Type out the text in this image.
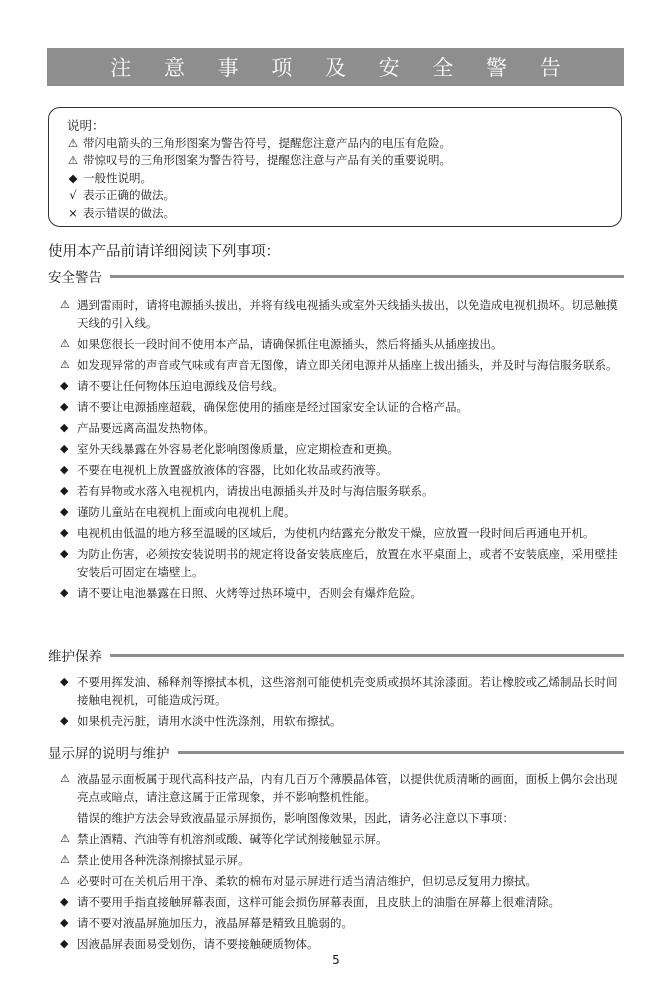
注 意 事 项 及 安 全 警 告
说明：
⚠ 带闪电箭头的三角形图案为警告符号，提醒您注意产品内的电压有危险。
⚠ 带惊叹号的三角形图案为警告符号，提醒您注意与产品有关的重要说明。
◆ 一般性说明。
√ 表示正确的做法。
× 表示错误的做法。
使用本产品前请详细阅读下列事项：
安全警告
⚠ 遇到雷雨时，请将电源插头拔出，并将有线电视插头或室外天线插头拔出，以免造成电视机损坏。切忌触摸天线的引入线。
⚠ 如果您很长一段时间不使用本产品，请确保抓住电源插头，然后将插头从插座拔出。
⚠ 如发现异常的声音或气味或有声音无图像，请立即关闭电源并从插座上拔出插头，并及时与海信服务联系。
◆ 请不要让任何物体压迫电源线及信号线。
◆ 请不要让电源插座超载，确保您使用的插座是经过国家安全认证的合格产品。
◆ 产品要远离高温发热物体。
◆ 室外天线暴露在外容易老化影响图像质量，应定期检查和更换。
◆ 不要在电视机上放置盛放液体的容器，比如化妆品或药液等。
◆ 若有异物或水落入电视机内，请拔出电源插头并及时与海信服务联系。
◆ 谨防儿童站在电视机上面或向电视机上爬。
◆ 电视机由低温的地方移至温暖的区域后，为使机内结露充分散发干燥，应放置一段时间后再通电开机。
◆ 为防止伤害，必须按安装说明书的规定将设备安装底座后，放置在水平桌面上，或者不安装底座，采用壁挂安装后可固定在墙壁上。
◆ 请不要让电池暴露在日照、火烤等过热环境中，否则会有爆炸危险。
维护保养
◆ 不要用挥发油、稀释剂等擦拭本机，这些溶剂可能使机壳变质或损坏其涂漆面。若让橡胶或乙烯制品长时间接触电视机，可能造成污斑。
◆ 如果机壳污脏，请用水淡中性洗涤剂，用软布擦拭。
显示屏的说明与维护
⚠ 液晶显示面板属于现代高科技产品，内有几百万个薄膜晶体管，以提供优质清晰的画面，面板上偶尔会出现亮点或暗点，请注意这属于正常现象，并不影响整机性能。
错误的维护方法会导致液晶显示屏损伤，影响图像效果，因此，请务必注意以下事项：
⚠ 禁止酒精、汽油等有机溶剂或酸、碱等化学试剂接触显示屏。
⚠ 禁止使用各种洗涤剂擦拭显示屏。
⚠ 必要时可在关机后用干净、柔软的棉布对显示屏进行适当清洁维护，但切忌反复用力擦拭。
◆ 请不要用手指直接触屏幕表面，这样可能会损伤屏幕表面，且皮肤上的油脂在屏幕上很难清除。
◆ 请不要对液晶屏施加压力，液晶屏幕是精致且脆弱的。
◆ 因液晶屏表面易受划伤，请不要接触硬质物体。
5
